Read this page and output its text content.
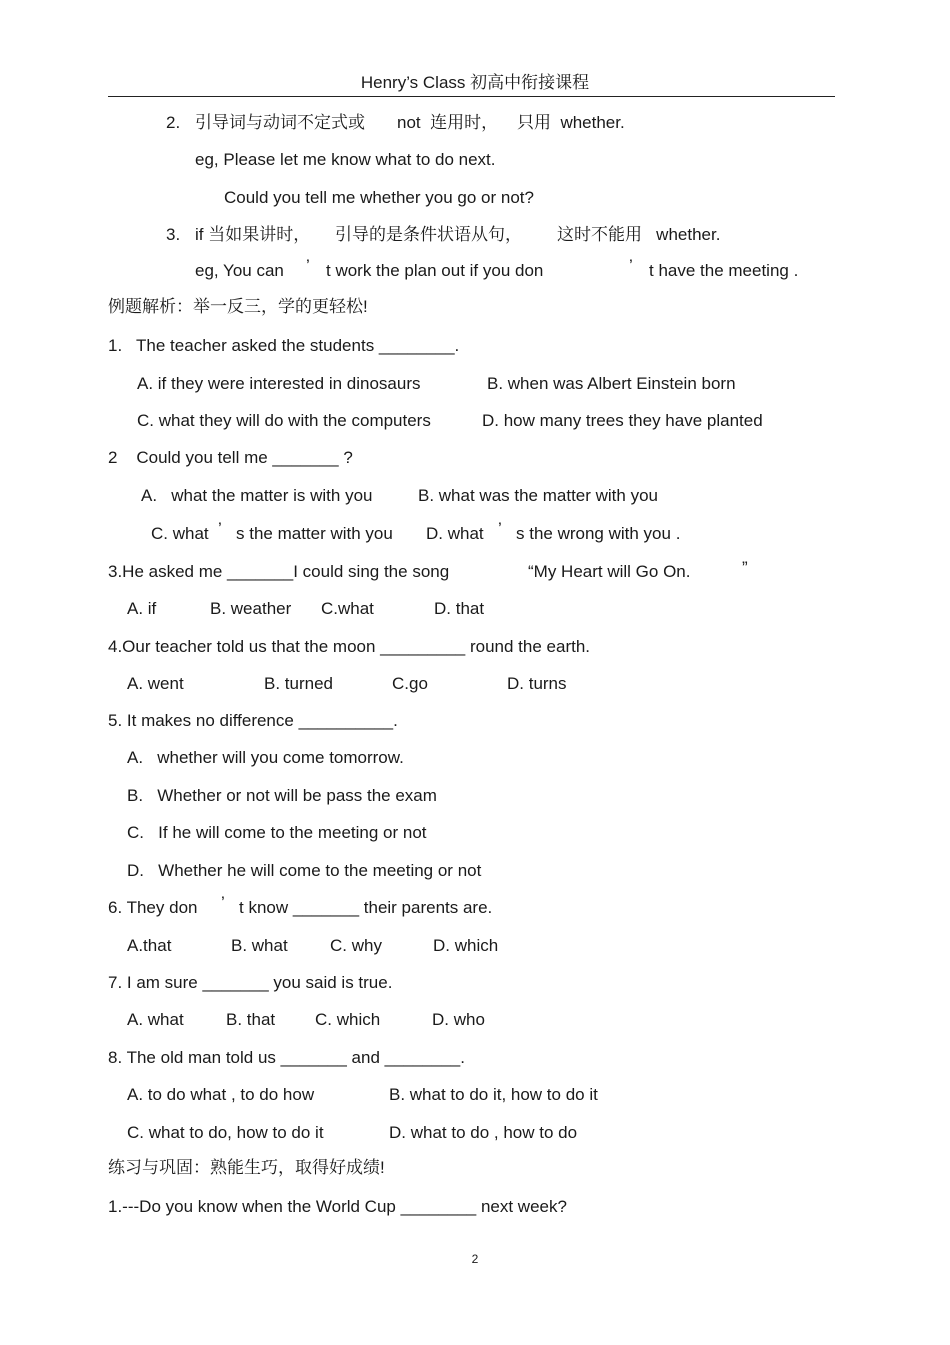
Henry’s Class 初高中衔接课程
2. 引导词与动词不定式或 not  连用时， 只用  whether.
eg, Please let me know what to do next.
Could you tell me whether you go or not?
3. if 当如果讲时， 引导的是条件状语从句， 这时不能用   whether.
eg, You can ’ t work the plan out if you don	’ t have the meeting .
例题解析：举一反三，学的更轻松!
1.   The teacher asked the students ________.
A. if they were interested in dinosaurs	B. when was Albert Einstein born
C. what they will do with the computers	D. how many trees they have planted
2    Could you tell me _______ ?
A.   what the matter is with you	B. what was the matter with you
C. what ’ s the matter with you D. what ’ s the wrong with you .
3.He asked me _______I could sing the song	“My Heart will Go On.	”
A. if	B. weather C.what	D. that
4.Our teacher told us that the moon _________ round the earth.
A. went	B. turned	C.go	D. turns
5. It makes no difference __________.
A.   whether will you come tomorrow.
B.   Whether or not will be pass the exam
C.   If he will come to the meeting or not
D.   Whether he will come to the meeting or not
6. They don ’ t know _______ their parents are.
A.that	B. what C. why	D. which
7. I am sure _______ you said is true.
A. what B. that C. which	D. who
8. The old man told us _______ and ________.
A. to do what , to do how	B. what to do it, how to do it
C. what to do, how to do it	D. what to do , how to do
练习与巩固：熟能生巧，取得好成绩!
1.---Do you know when the World Cup ________ next week?
2
